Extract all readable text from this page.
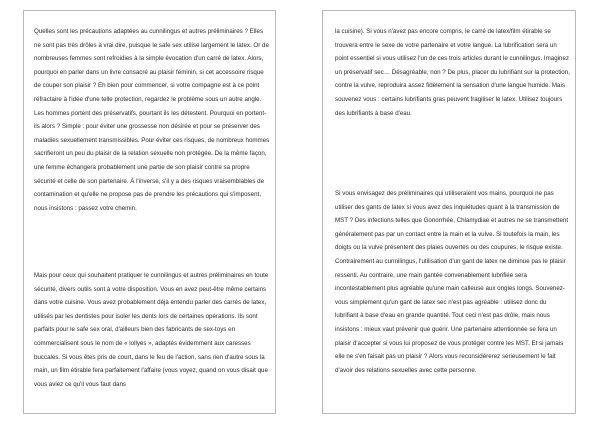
Quelles sont les précautions adaptées au cunnilingus et autres préliminaires ? Elles ne sont pas très drôles à vrai dire, puisque le safe sex utilise largement le latex. Or de nombreuses femmes sont refroidies à la simple évocation d'un carré de latex. Alors, pourquoi en parler dans un livre consacré au plaisir féminin, si cet accessoire risque de couper son plaisir ? Eh bien pour commencer, si votre compagne est à ce point réfractaire à l'idée d'une telle protection, regardez le problème sous un autre angle. Les hommes portent des préservatifs, pourtant ils les détestent. Pourquoi en portent-ils alors ? Simple : pour éviter une grossesse non désirée et pour se préserver des maladies sexuellement transmissibles. Pour éviter ces risques, de nombreux hommes sacrifieront un peu du plaisir de la relation sexuelle non protégée. De la même façon, une femme échangera probablement une partie de son plaisir contre sa propre sécurité et celle de son partenaire. À l'inverse, s'il y a des risques vraisemblables de contamination et qu'elle ne propose pas de prendre les précautions qui s'imposent, nous insistons : passez votre chemin.

Mais pour ceux qui souhaitent pratiquer le cunnilingus et autres préliminaires en toute sécurité, divers outils sont à votre disposition. Vous en avez peut-être même certains dans votre cuisine. Vous avez probablement déjà entendu parler des carrés de latex, utilisés par les dentistes pour isoler les dents lors de certaines opérations. Ils sont parfaits pour le safe sex oral, d'ailleurs bien des fabricants de sex-toys en commercialisent sous le nom de « lollyes », adaptés évidemment aux caresses buccales. Si vous êtes pris de court, dans le feu de l'action, sans rien d'autre sous la main, un film étirable fera parfaitement l'affaire (vous voyez, quand on vous disait que vous aviez ce qu'il vous faut dans

la cuisine). Si vous n'avez pas encore compris, le carré de latex/film étirable se trouvera entre le sexe de votre partenaire et votre langue. La lubrification sera un point essentiel si vous utilisez l'un de ces trois articles durant le cunnilingus. Imaginez un préservatif sec… Désagréable, non ? De plus, placer du lubrifiant sur la protection, contre la vulve, reproduira assez fidèlement la sensation d'une langue humide. Mais souvenez vous : certains lubrifiants gras peuvent fragiliser le latex. Utilisez toujours des lubrifiants à base d'eau.

Si vous envisagez des préliminaires qui utiliseraient vos mains, pourquoi ne pas utiliser des gants de latex si vous avez des inquiétudes quant à la transmission de MST ? Des infections telles que Gonorrhée, Chlamydiae et autres ne se transmettent généralement pas par un contact entre la main et la vulve. Si toutefois la main, les doigts ou la vulve présentent des plaies ouvertes ou des coupures, le risque existe. Contrairement au cunnilingus, l'utilisation d'un gant de latex ne diminue pas le plaisir ressenti. Au contraire, une main gantée convenablement lubrifiée sera incontestablement plus agréable qu'une main calleuse aux ongles longs. Souvenez-vous simplement qu'un gant de latex sec n'est pas agréable : utilisez donc du lubrifiant à base d'eau en grande quantité. Tout ceci n'est pas drôle, mais nous insistons : mieux vaut prévenir que guérir. Une partenaire attentionnée se fera un plaisir d'accepter si vous lui proposez de vous protéger contre les MST. Et si jamais elle ne s'en faisait pas un plaisir ? Alors vous reconsidérerez sérieusement le fait d'avoir des relations sexuelles avec cette personne.
